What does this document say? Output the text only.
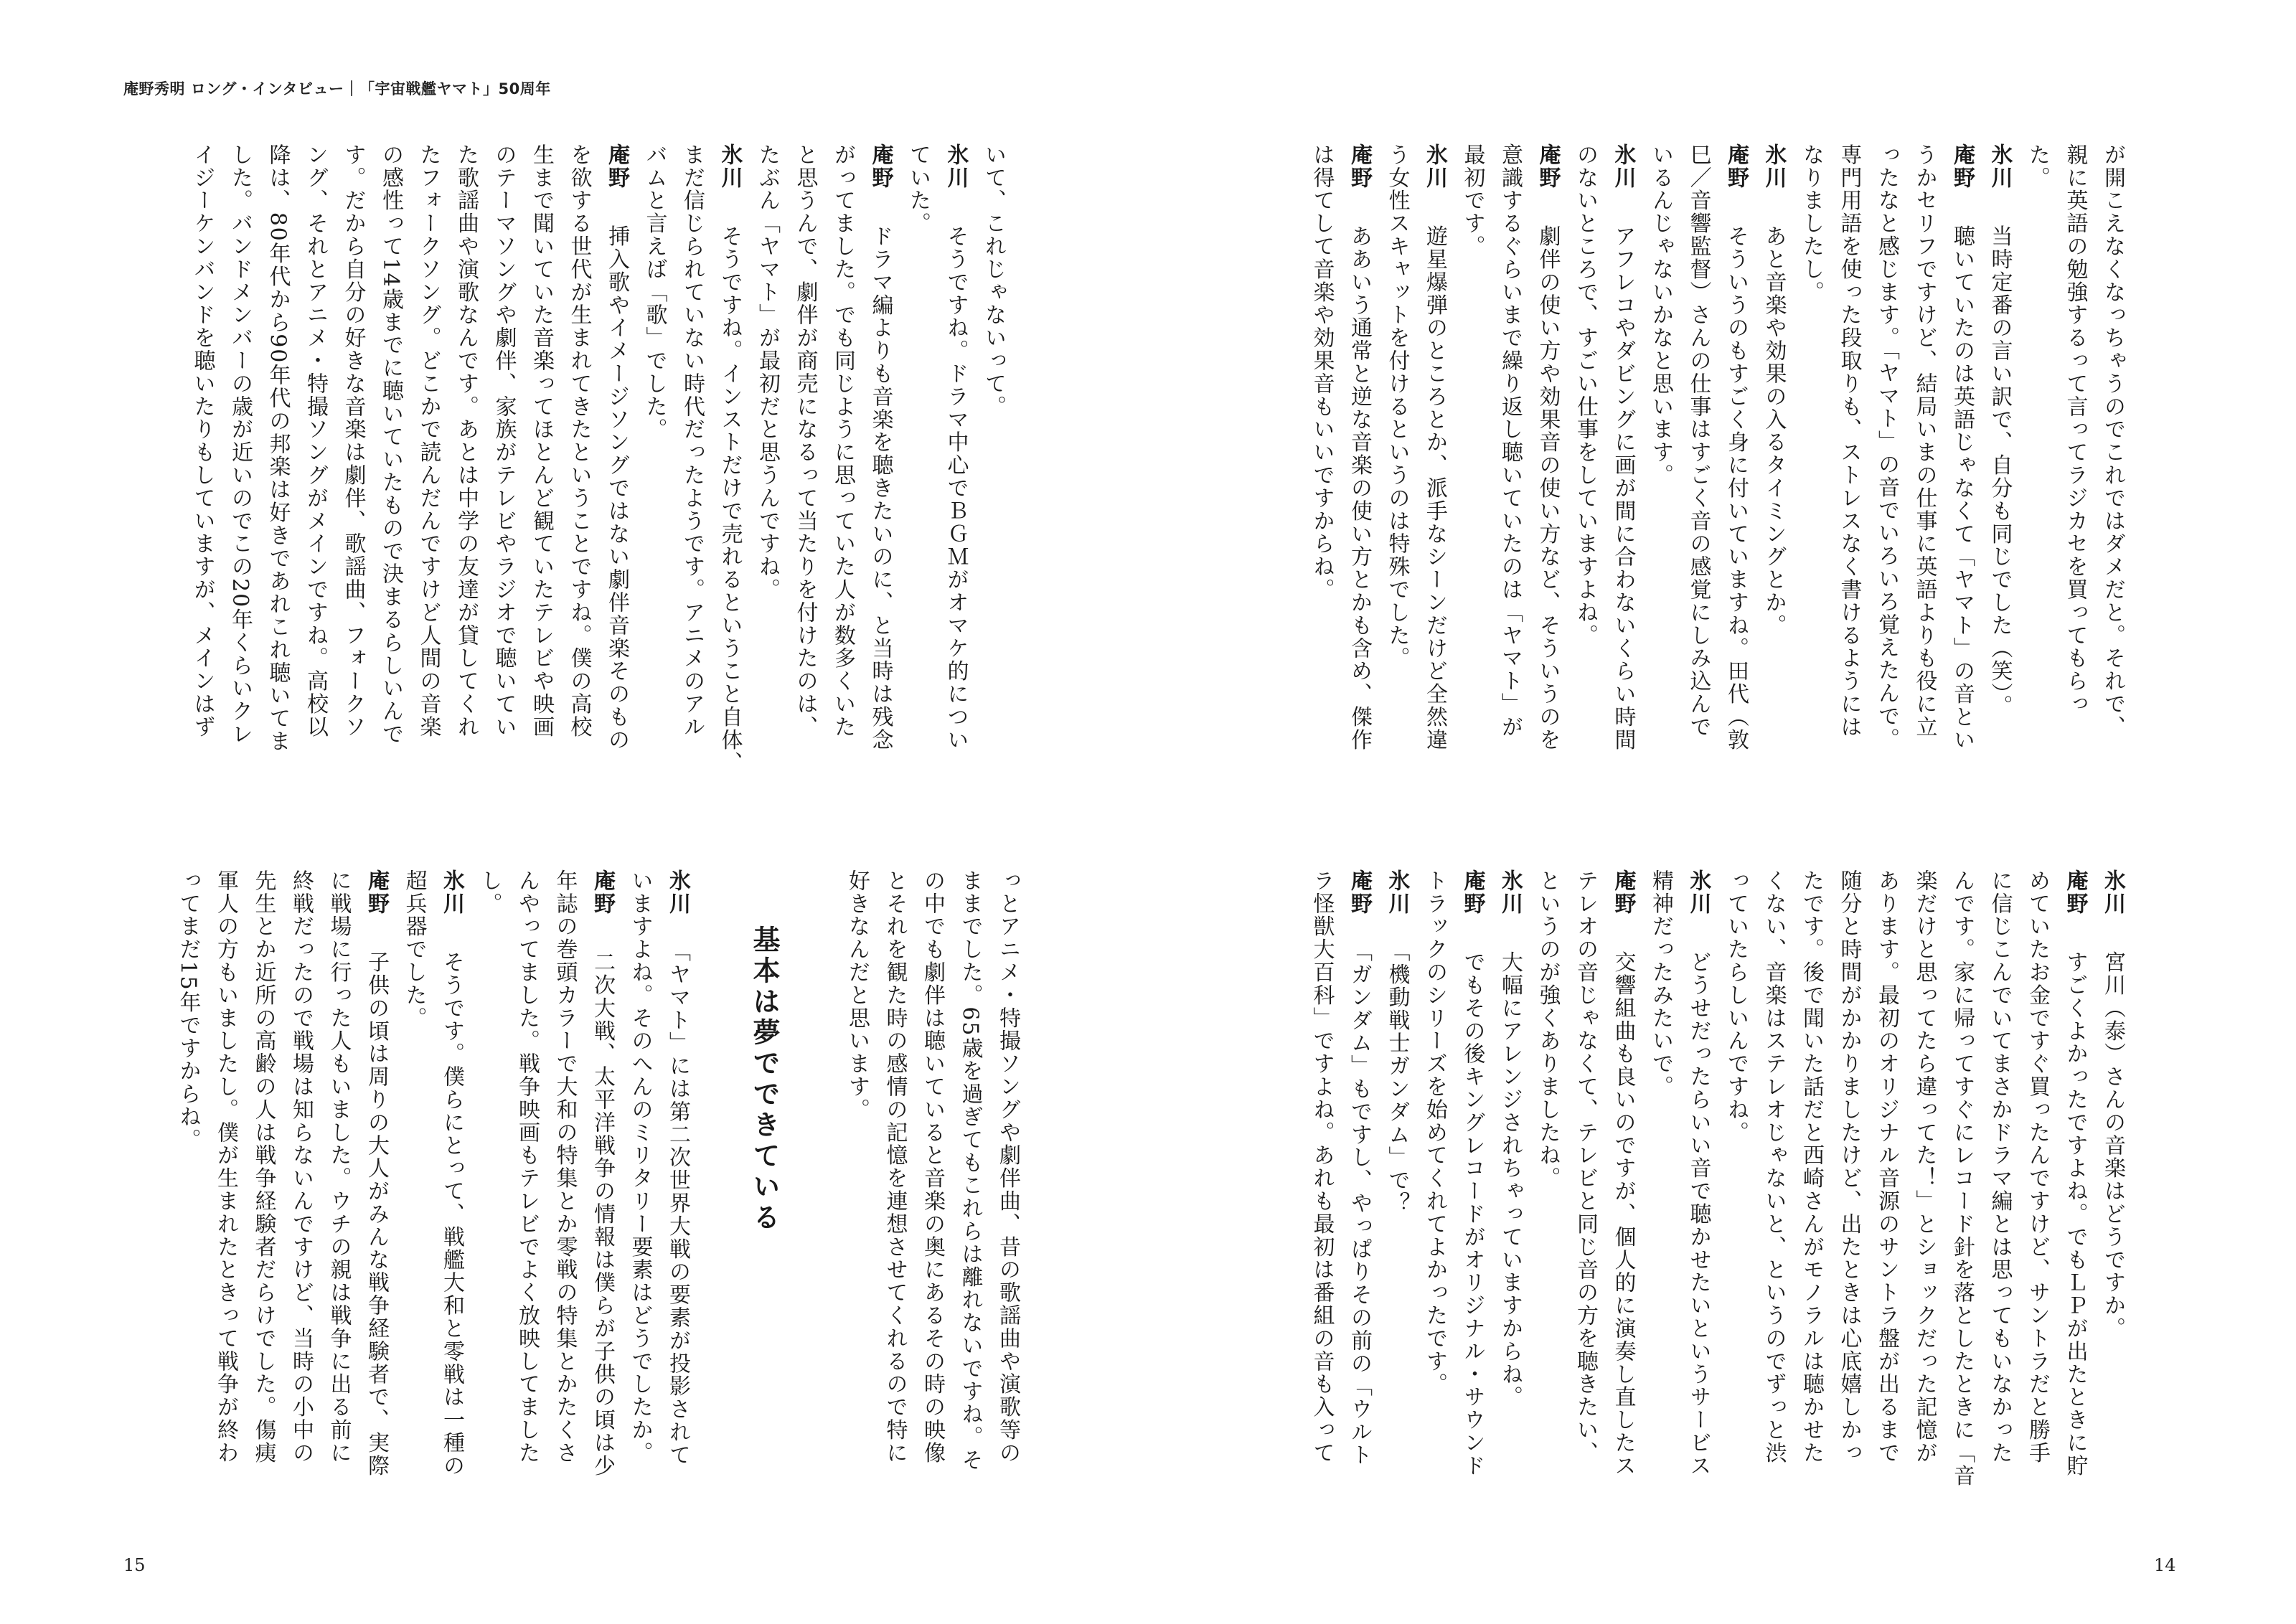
庵野秀明 ロング・インタビュー｜「宇宙戦艦ヤマト」50周年
が開こえなくなっちゃうのでこれではダメだと。それで、
親に英語の勉強するって言ってラジカセを買ってもらっ
た。
氷川　当時定番の言い訳で、自分も同じでした（笑）。
庵野　聴いていたのは英語じゃなくて「ヤマト」の音とい
うかセリフですけど、結局いまの仕事に英語よりも役に立
ったなと感じます。「ヤマト」の音でいろいろ覚えたんで。
専門用語を使った段取りも、ストレスなく書けるようには
なりましたし。
氷川　あと音楽や効果の入るタイミングとか。
庵野　そういうのもすごく身に付いていますね。田代（敦
巳／音響監督）さんの仕事はすごく音の感覚にしみ込んで
いるんじゃないかなと思います。
氷川　アフレコやダビングに画が間に合わないくらい時間
のないところで、すごい仕事をしていますよね。
庵野　劇伴の使い方や効果音の使い方など、そういうのを
意識するぐらいまで繰り返し聴いていたのは「ヤマト」が
最初です。
氷川　遊星爆弾のところとか、派手なシーンだけど全然違
う女性スキャットを付けるというのは特殊でした。
庵野　ああいう通常と逆な音楽の使い方とかも含め、傑作
は得てして音楽や効果音もいいですからね。
氷川　宮川（泰）さんの音楽はどうですか。
庵野　すごくよかったですよね。でもＬＰが出たときに貯
めていたお金ですぐ買ったんですけど、サントラだと勝手
に信じこんでいてまさかドラマ編とは思ってもいなかった
んです。家に帰ってすぐにレコード針を落としたときに「音
楽だけと思ってたら違ってた！」とショックだった記憶が
あります。最初のオリジナル音源のサントラ盤が出るまで
随分と時間がかかりましたけど、出たときは心底嬉しかっ
たです。後で聞いた話だと西崎さんがモノラルは聴かせた
くない、音楽はステレオじゃないと、というのでずっと渋
っていたらしいんですね。
氷川　どうせだったらいい音で聴かせたいというサービス
精神だったみたいで。
庵野　交響組曲も良いのですが、個人的に演奏し直したス
テレオの音じゃなくて、テレビと同じ音の方を聴きたい、
というのが強くありましたね。
氷川　大幅にアレンジされちゃっていますからね。
庵野　でもその後キングレコードがオリジナル・サウンド
トラックのシリーズを始めてくれてよかったです。
氷川　「機動戦士ガンダム」で？
庵野　「ガンダム」もですし、やっぱりその前の「ウルト
ラ怪獣大百科」ですよね。あれも最初は番組の音も入って
いて、これじゃないって。
氷川　そうですね。ドラマ中心でＢＧＭがオマケ的につい
ていた。
庵野　ドラマ編よりも音楽を聴きたいのに、と当時は残念
がってました。でも同じように思っていた人が数多くいた
と思うんで、劇伴が商売になるって当たりを付けたのは、
たぶん「ヤマト」が最初だと思うんですね。
氷川　そうですね。インストだけで売れるということ自体、
まだ信じられていない時代だったようです。アニメのアル
バムと言えば「歌」でした。
庵野　挿入歌やイメージソングではない劇伴音楽そのもの
を欲する世代が生まれてきたということですね。僕の高校
生まで聞いていた音楽ってほとんど観ていたテレビや映画
のテーマソングや劇伴、家族がテレビやラジオで聴いてい
た歌謡曲や演歌なんです。あとは中学の友達が貸してくれ
たフォークソング。どこかで読んだんですけど人間の音楽
の感性って14歳までに聴いていたもので決まるらしいんで
す。だから自分の好きな音楽は劇伴、歌謡曲、フォークソ
ング、それとアニメ・特撮ソングがメインですね。高校以
降は、80年代から90年代の邦楽は好きであれこれ聴いてま
した。バンドメンバーの歳が近いのでこの20年くらいクレ
イジーケンバンドを聴いたりもしていますが、メインはず
っとアニメ・特撮ソングや劇伴曲、昔の歌謡曲や演歌等の
ままでした。65歳を過ぎてもこれらは離れないですね。そ
の中でも劇伴は聴いていると音楽の奥にあるその時の映像
とそれを観た時の感情の記憶を連想させてくれるので特に
好きなんだと思います。
基本は夢でできている
氷川　「ヤマト」には第二次世界大戦の要素が投影されて
いますよね。そのへんのミリタリー要素はどうでしたか。
庵野　二次大戦、太平洋戦争の情報は僕らが子供の頃は少
年誌の巻頭カラーで大和の特集とか零戦の特集とかたくさ
んやってました。戦争映画もテレビでよく放映してました
し。
氷川　そうです。僕らにとって、戦艦大和と零戦は一種の
超兵器でした。
庵野　子供の頃は周りの大人がみんな戦争経験者で、実際
に戦場に行った人もいました。ウチの親は戦争に出る前に
終戦だったので戦場は知らないんですけど、当時の小中の
先生とか近所の高齢の人は戦争経験者だらけでした。傷痍
軍人の方もいましたし。僕が生まれたときって戦争が終わ
ってまだ15年ですからね。
15	14
